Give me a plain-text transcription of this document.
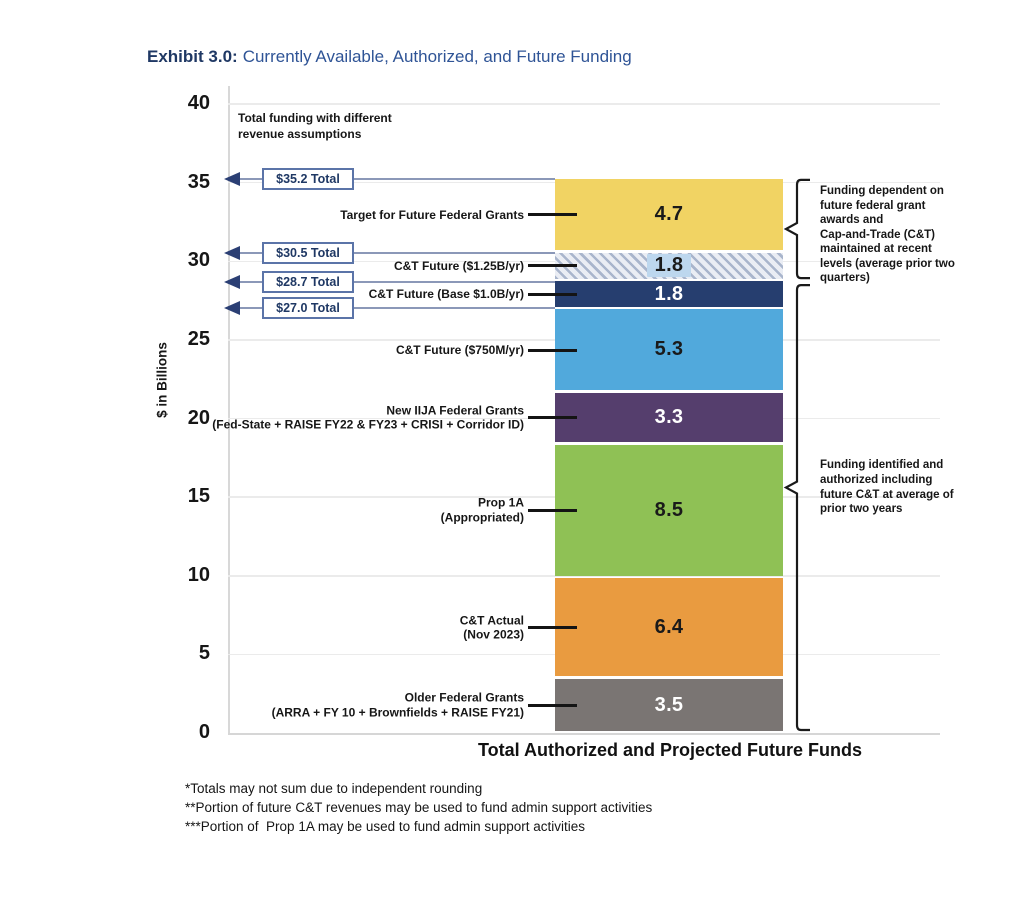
Exhibit 3.0: Currently Available, Authorized, and Future Funding
$ in Billions
Total funding with different
revenue assumptions
Total Authorized and Projected Future Funds
*Totals may not sum due to independent rounding
**Portion of future C&T revenues may be used to fund admin support activities
***Portion of  Prop 1A may be used to fund admin support activities
0
5
10
15
20
25
30
35
40
$35.2 Total
$30.5 Total
$28.7 Total
$27.0 Total
3.5
Older Federal Grants
(ARRA + FY 10 + Brownfields + RAISE FY21)
6.4
C&T Actual
(Nov 2023)
8.5
Prop 1A
(Appropriated)
3.3
New IIJA Federal Grants
(Fed-State + RAISE FY22 & FY23 + CRISI + Corridor ID)
5.3
C&T Future ($750M/yr)
1.8
C&T Future (Base $1.0B/yr)
1.8
C&T Future ($1.25B/yr)
4.7
Target for Future Federal Grants
Funding dependent on
future federal grant
awards and
Cap-and-Trade (C&T)
maintained at recent
levels (average prior two
quarters)
Funding identified and
authorized including
future C&T at average of
prior two years
